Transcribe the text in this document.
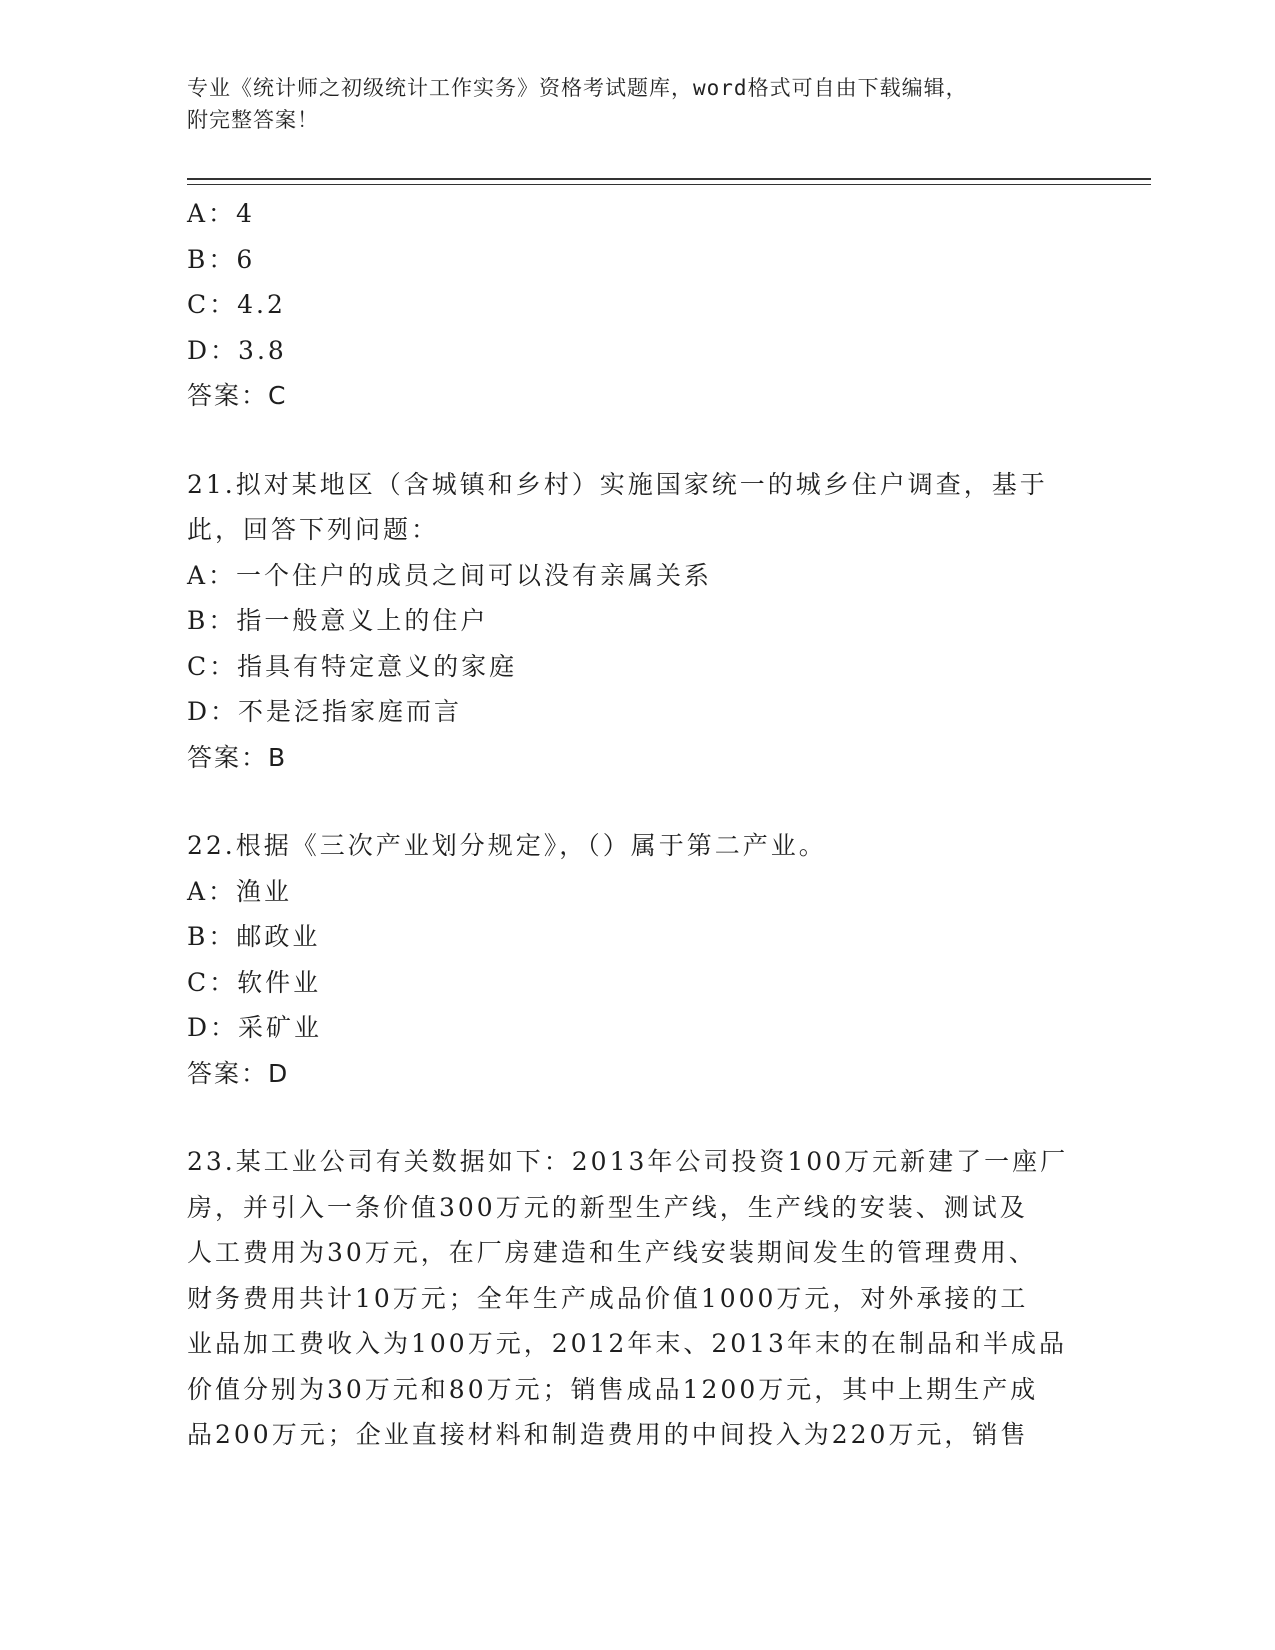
专业《统计师之初级统计工作实务》资格考试题库，word格式可自由下载编辑，
附完整答案！
A：4
B：6
C：4.2
D：3.8
答案：C
21.拟对某地区（含城镇和乡村）实施国家统一的城乡住户调查，基于
此，回答下列问题：
A：一个住户的成员之间可以没有亲属关系
B：指一般意义上的住户
C：指具有特定意义的家庭
D：不是泛指家庭而言
答案：B
22.根据《三次产业划分规定》，（）属于第二产业。
A：渔业
B：邮政业
C：软件业
D：采矿业
答案：D
23.某工业公司有关数据如下：2013年公司投资100万元新建了一座厂
房，并引入一条价值300万元的新型生产线，生产线的安装、测试及
人工费用为30万元，在厂房建造和生产线安装期间发生的管理费用、
财务费用共计10万元；全年生产成品价值1000万元，对外承接的工
业品加工费收入为100万元，2012年末、2013年末的在制品和半成品
价值分别为30万元和80万元；销售成品1200万元，其中上期生产成
品200万元；企业直接材料和制造费用的中间投入为220万元，销售
